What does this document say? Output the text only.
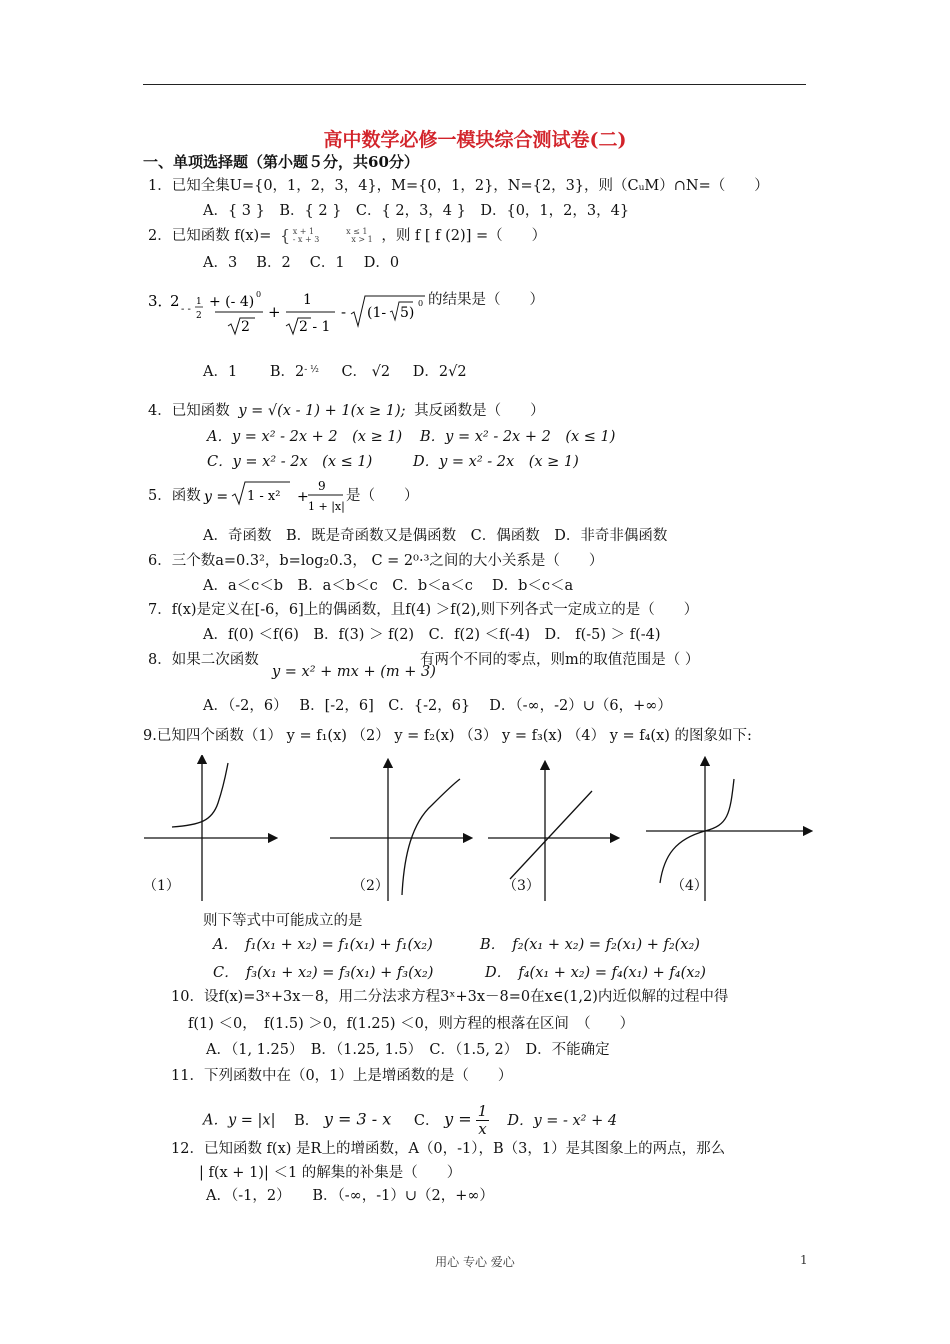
高中数学必修一模块综合测试卷(二)
一、单项选择题（第小题５分，共60分）
1．已知全集U={0，1，2，3，4}，M={0，1，2}，N={2，3}，则（CᵤM）∩N=（　　）
A．{ 3 }　B．{ 2 }　C．{ 2，3，4 }　D．{0，1，2，3，4}
2．已知函数 f(x)= { x + 1　　　　x ≤ 1
- x + 3　　　　x > 1 ，则 f [ f (2)] =（　　）
A．3　 B．2　 C．1　 D．0
3．
2 - -
1
2
+ (- 4) 0
2
+
1
2 - 1
- (1- 5)
0 的结果是（　　）
A．1 B．$2^{- \frac{1}{2}}$ C． √2 D．2√2
4．已知函数 y = √(x - 1) + 1(x ≥ 1); 其反函数是（　　）
A．y = x² - 2x + 2　(x ≥ 1) B．y = x² - 2x + 2　(x ≤ 1)
C．y = x² - 2x　(x ≤ 1)	D．y = x² - 2x　(x ≥ 1)
5．函数 y = 1 - x² +
9
1 + |x|
是（　　）
A．奇函数　B．既是奇函数又是偶函数　C．偶函数　D．非奇非偶函数
6．三个数a=0.3²，b=log₂0.3， C = 2⁰·³之间的大小关系是（　　）
A．a＜c＜b　B．a＜b＜c　C．b＜a＜c　 D．b＜c＜a
7．f(x)是定义在[-6，6]上的偶函数，且f(4) ＞f(2),则下列各式一定成立的是（　　）
A．f(0) ＜f(6)　B．f(3) ＞ f(2)　C．f(2) ＜f(-4)　D． f(-5) ＞ f(-4)
8．如果二次函数
y = x² + mx + (m + 3)
有两个不同的零点，则m的取值范围是（ ）
A．（-2，6）　 B．[-2，6]　C．{-2，6}　 D．（-∞，-2）∪（6，+∞）
9.已知四个函数（1） y = f₁(x) （2） y = f₂(x) （3） y = f₃(x) （4） y = f₄(x) 的图象如下:
（1）	（2）	（3）	（4）
则下等式中可能成立的是
A．　f₁(x₁ + x₂) = f₁(x₁) + f₁(x₂)	B．　f₂(x₁ + x₂) = f₂(x₁) + f₂(x₂)
C．　f₃(x₁ + x₂) = f₃(x₁) + f₃(x₂)	D．　f₄(x₁ + x₂) = f₄(x₁) + f₄(x₂)
10．设f(x)=3ˣ+3x－8，用二分法求方程3ˣ+3x－8=0在x∈(1,2)内近似解的过程中得
f(1) ＜0，　f(1.5) ＞0，f(1.25) ＜0，则方程的根落在区间　（　　）
A．（1, 1.25）　B．（1.25, 1.5）　C．（1.5, 2）　D．不能确定
11．下列函数中在（0，1）上是增函数的是（　　）
A．y = |x| B． y = 3 - x C． $y = \frac{1}{x}$ D．y = - x² + 4
12．已知函数 f(x) 是R上的增函数，A（0，-1），B（3，1）是其图象上的两点，那么
| f(x + 1)| ＜1 的解集的补集是（　　）
A．（-1，2）　　B．（-∞，-1）∪（2，+∞）
用心 专心 爱心	1
